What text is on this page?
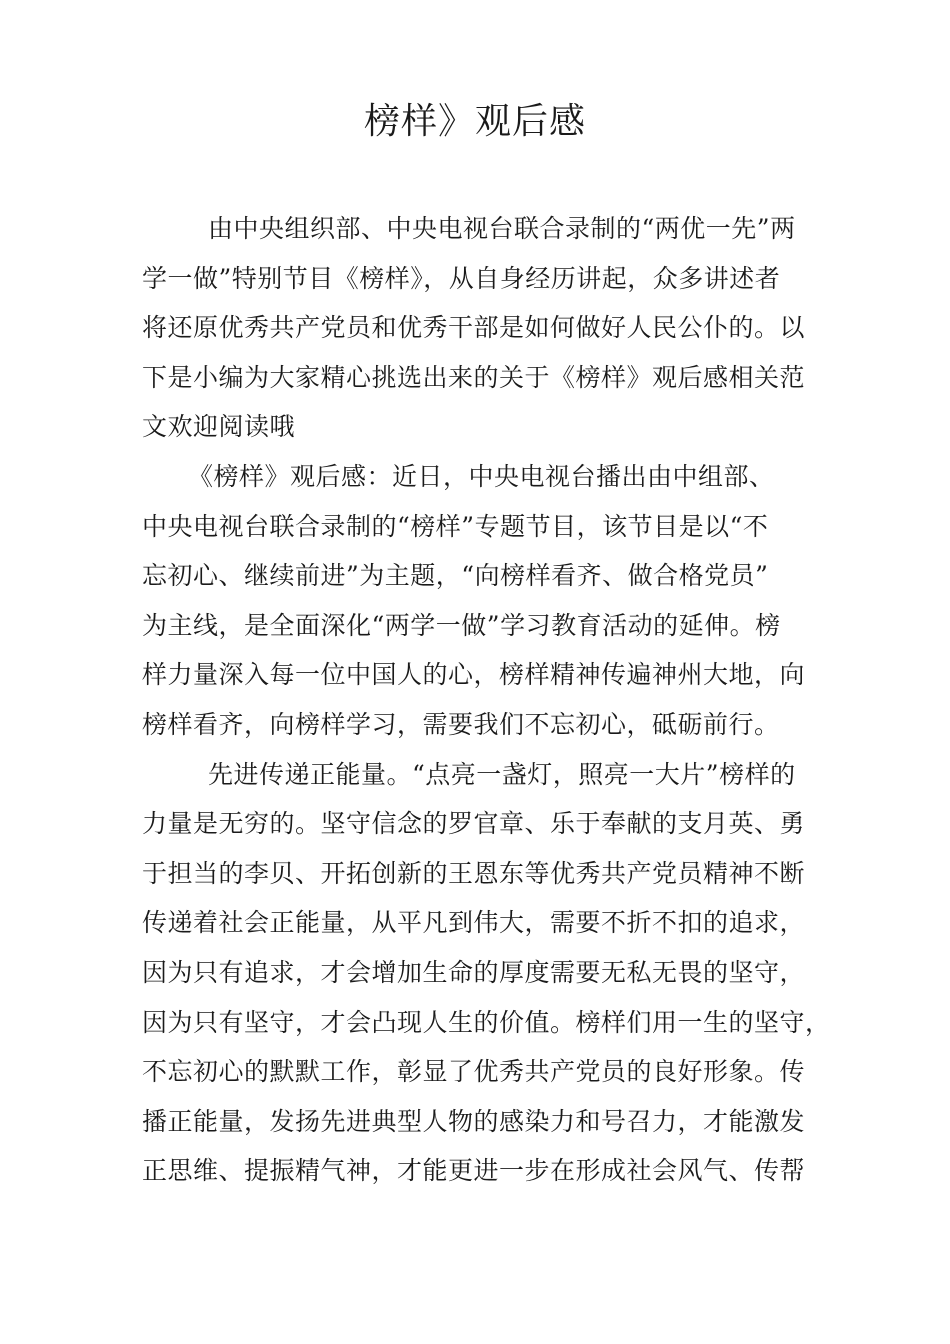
榜样》观后感
由中央组织部、中央电视台联合录制的“两优一先”两
学一做”特别节目《榜样》，从自身经历讲起，众多讲述者
将还原优秀共产党员和优秀干部是如何做好人民公仆的。以
下是小编为大家精心挑选出来的关于《榜样》观后感相关范
文欢迎阅读哦
《榜样》观后感：近日，中央电视台播出由中组部、
中央电视台联合录制的“榜样”专题节目，该节目是以“不
忘初心、继续前进”为主题，“向榜样看齐、做合格党员”
为主线，是全面深化“两学一做”学习教育活动的延伸。榜
样力量深入每一位中国人的心，榜样精神传遍神州大地，向
榜样看齐，向榜样学习，需要我们不忘初心，砥砺前行。
先进传递正能量。“点亮一盏灯，照亮一大片”榜样的
力量是无穷的。坚守信念的罗官章、乐于奉献的支月英、勇
于担当的李贝、开拓创新的王恩东等优秀共产党员精神不断
传递着社会正能量，从平凡到伟大，需要不折不扣的追求，
因为只有追求，才会增加生命的厚度需要无私无畏的坚守，
因为只有坚守，才会凸现人生的价值。榜样们用一生的坚守，
不忘初心的默默工作，彰显了优秀共产党员的良好形象。传
播正能量，发扬先进典型人物的感染力和号召力，才能激发
正思维、提振精气神，才能更进一步在形成社会风气、传帮
